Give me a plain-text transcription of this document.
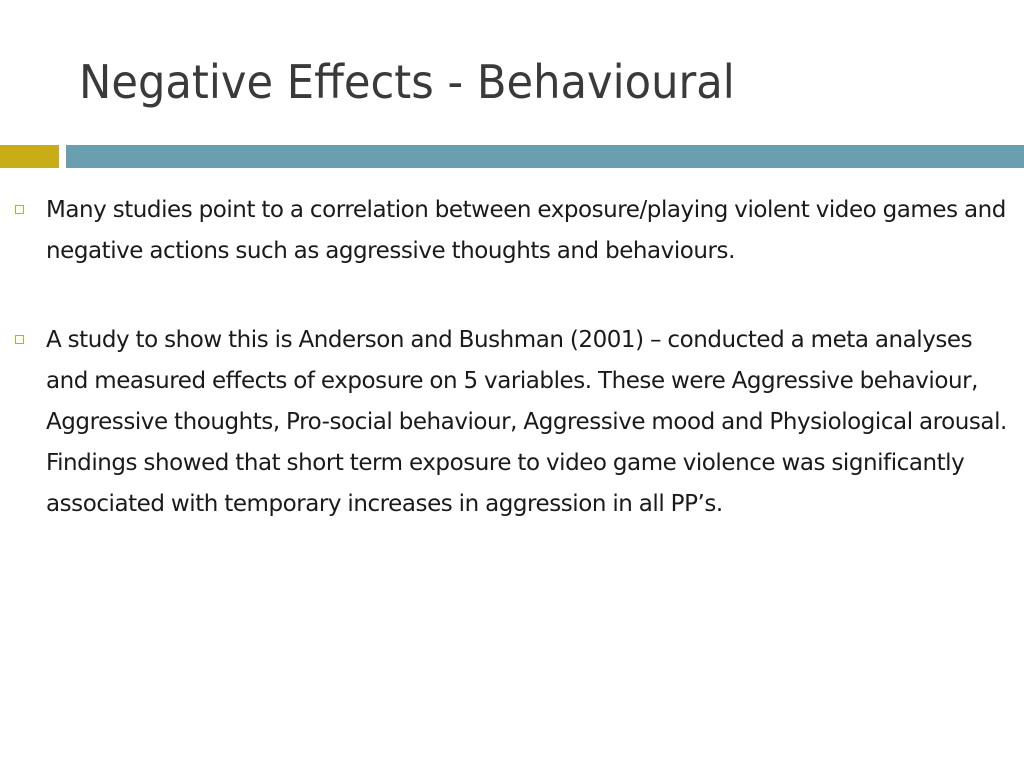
Negative Effects - Behavioural
Many studies point to a correlation between exposure/playing violent video games and negative actions such as aggressive thoughts and behaviours.
A study to show this is Anderson and Bushman (2001) – conducted a meta analyses and measured effects of exposure on 5 variables. These were Aggressive behaviour, Aggressive thoughts, Pro-social behaviour, Aggressive mood and Physiological arousal. Findings showed that short term exposure to video game violence was significantly associated with temporary increases in aggression in all PP’s.
